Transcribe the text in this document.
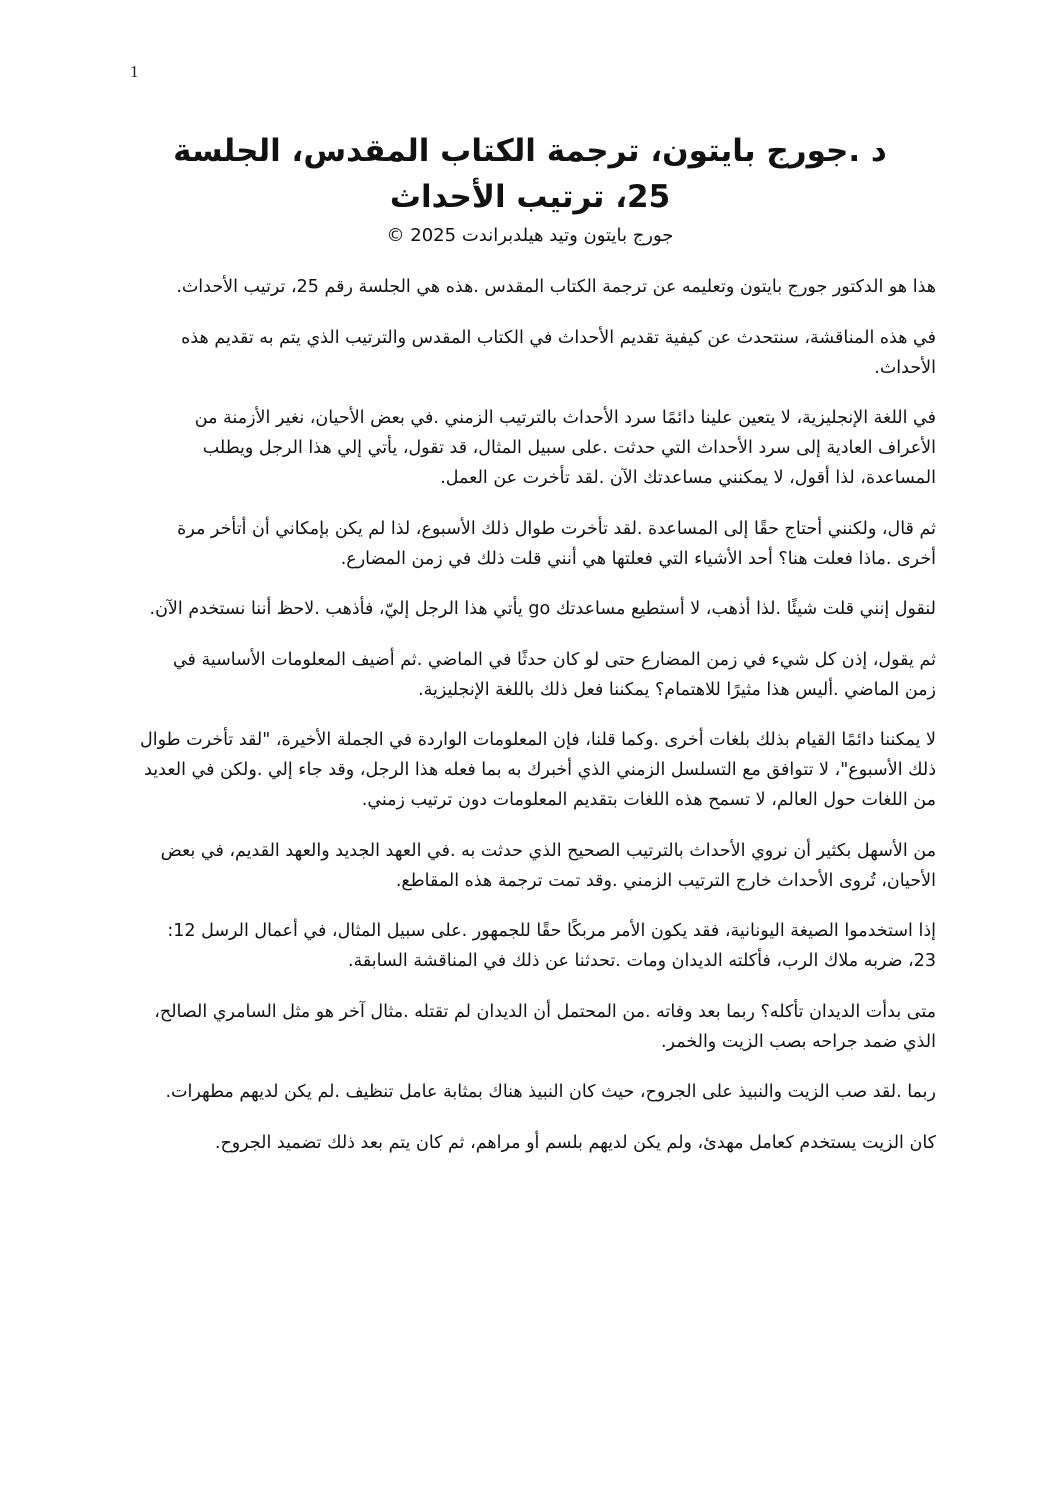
1
د .جورج بايتون، ترجمة الكتاب المقدس، الجلسة 25، ترتيب الأحداث
جورج بايتون وتيد هيلدبراندت 2025 ©

هذا هو الدكتور جورج بايتون وتعليمه عن ترجمة الكتاب المقدس .هذه هي الجلسة رقم 25، ترتيب الأحداث.

في هذه المناقشة، سنتحدث عن كيفية تقديم الأحداث في الكتاب المقدس والترتيب الذي يتم به تقديم هذه الأحداث.

في اللغة الإنجليزية، لا يتعين علينا دائمًا سرد الأحداث بالترتيب الزمني .في بعض الأحيان، نغير الأزمنة من الأعراف العادية إلى سرد الأحداث التي حدثت .على سبيل المثال، قد تقول، يأتي إلي هذا الرجل ويطلب المساعدة، لذا أقول، لا يمكنني مساعدتك الآن .لقد تأخرت عن العمل.

ثم قال، ولكنني أحتاج حقًا إلى المساعدة .لقد تأخرت طوال ذلك الأسبوع، لذا لم يكن بإمكاني أن أتأخر مرة أخرى .ماذا فعلت هنا؟ أحد الأشياء التي فعلتها هي أنني قلت ذلك في زمن المضارع.

لنقول إنني قلت شيئًا .لذا أذهب، لا أستطيع مساعدتك go يأتي هذا الرجل إليّ، فأذهب .لاحظ أننا نستخدم الآن.

ثم يقول، إذن كل شيء في زمن المضارع حتى لو كان حدثًا في الماضي .ثم أضيف المعلومات الأساسية في زمن الماضي .أليس هذا مثيرًا للاهتمام؟ يمكننا فعل ذلك باللغة الإنجليزية.

لا يمكننا دائمًا القيام بذلك بلغات أخرى .وكما قلنا، فإن المعلومات الواردة في الجملة الأخيرة، "لقد تأخرت طوال ذلك الأسبوع"، لا تتوافق مع التسلسل الزمني الذي أخبرك به بما فعله هذا الرجل، وقد جاء إلي .ولكن في العديد من اللغات حول العالم، لا تسمح هذه اللغات بتقديم المعلومات دون ترتيب زمني.

من الأسهل بكثير أن نروي الأحداث بالترتيب الصحيح الذي حدثت به .في العهد الجديد والعهد القديم، في بعض الأحيان، تُروى الأحداث خارج الترتيب الزمني .وقد تمت ترجمة هذه المقاطع.

إذا استخدموا الصيغة اليونانية، فقد يكون الأمر مربكًا حقًا للجمهور .على سبيل المثال، في أعمال الرسل 12: 23، ضربه ملاك الرب، فأكلته الديدان ومات .تحدثنا عن ذلك في المناقشة السابقة.

متى بدأت الديدان تأكله؟ ربما بعد وفاته .من المحتمل أن الديدان لم تقتله .مثال آخر هو مثل السامري الصالح، الذي ضمد جراحه بصب الزيت والخمر.

ربما .لقد صب الزيت والنبيذ على الجروح، حيث كان النبيذ هناك بمثابة عامل تنظيف .لم يكن لديهم مطهرات.

كان الزيت يستخدم كعامل مهدئ، ولم يكن لديهم بلسم أو مراهم، ثم كان يتم بعد ذلك تضميد الجروح.
